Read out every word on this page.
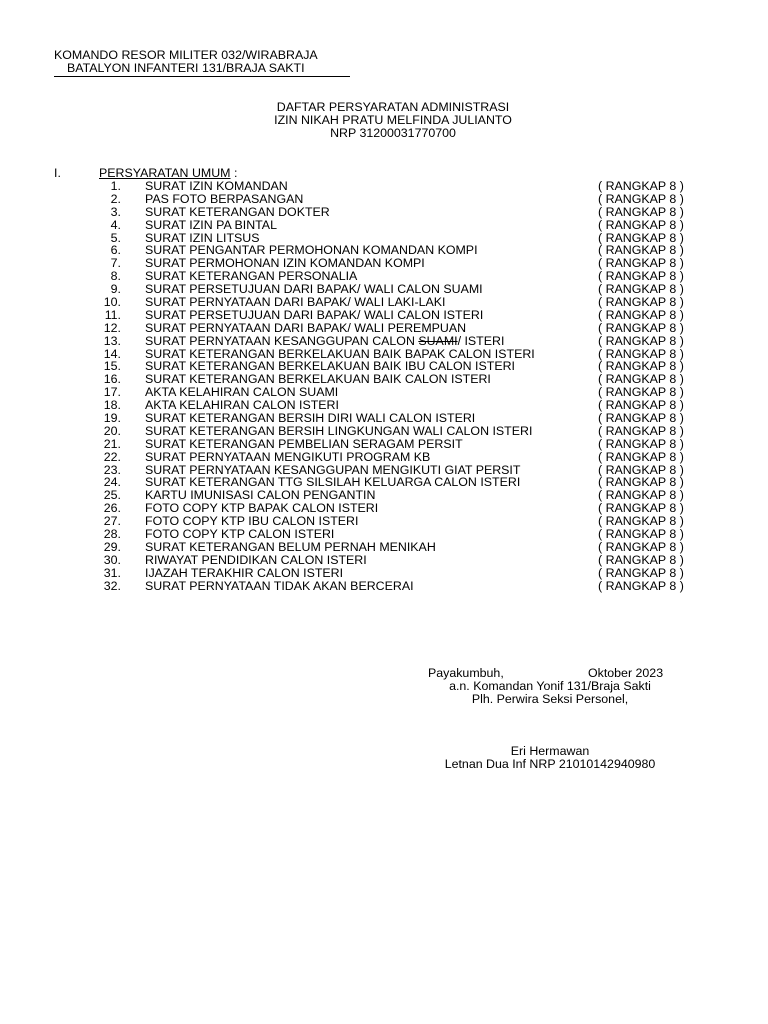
KOMANDO RESOR MILITER 032/WIRABRAJA
BATALYON INFANTERI 131/BRAJA SAKTI
DAFTAR PERSYARATAN ADMINISTRASI
IZIN NIKAH PRATU MELFINDA JULIANTO
NRP 31200031770700
I.	PERSYARATAN UMUM :
1. SURAT IZIN KOMANDAN	( RANGKAP 8 )
2. PAS FOTO BERPASANGAN	( RANGKAP 8 )
3. SURAT KETERANGAN DOKTER	( RANGKAP 8 )
4. SURAT IZIN PA BINTAL	( RANGKAP 8 )
5. SURAT IZIN LITSUS	( RANGKAP 8 )
6. SURAT PENGANTAR PERMOHONAN KOMANDAN KOMPI	( RANGKAP 8 )
7. SURAT PERMOHONAN IZIN KOMANDAN KOMPI	( RANGKAP 8 )
8. SURAT KETERANGAN PERSONALIA	( RANGKAP 8 )
9. SURAT PERSETUJUAN DARI BAPAK/ WALI CALON SUAMI	( RANGKAP 8 )
10. SURAT PERNYATAAN DARI BAPAK/ WALI LAKI-LAKI	( RANGKAP 8 )
11. SURAT PERSETUJUAN DARI BAPAK/ WALI CALON ISTERI	( RANGKAP 8 )
12. SURAT PERNYATAAN DARI BAPAK/ WALI PEREMPUAN	( RANGKAP 8 )
13. SURAT PERNYATAAN KESANGGUPAN CALON SUAMI/ ISTERI	( RANGKAP 8 )
14. SURAT KETERANGAN BERKELAKUAN BAIK BAPAK CALON ISTERI	( RANGKAP 8 )
15. SURAT KETERANGAN BERKELAKUAN BAIK IBU CALON ISTERI	( RANGKAP 8 )
16. SURAT KETERANGAN BERKELAKUAN BAIK CALON ISTERI	( RANGKAP 8 )
17. AKTA KELAHIRAN CALON SUAMI	( RANGKAP 8 )
18. AKTA KELAHIRAN CALON ISTERI	( RANGKAP 8 )
19. SURAT KETERANGAN BERSIH DIRI WALI CALON ISTERI	( RANGKAP 8 )
20. SURAT KETERANGAN BERSIH LINGKUNGAN WALI CALON ISTERI	( RANGKAP 8 )
21. SURAT KETERANGAN PEMBELIAN SERAGAM PERSIT	( RANGKAP 8 )
22. SURAT PERNYATAAN MENGIKUTI PROGRAM KB	( RANGKAP 8 )
23. SURAT PERNYATAAN KESANGGUPAN MENGIKUTI GIAT PERSIT	( RANGKAP 8 )
24. SURAT KETERANGAN TTG SILSILAH KELUARGA CALON ISTERI	( RANGKAP 8 )
25. KARTU IMUNISASI CALON PENGANTIN	( RANGKAP 8 )
26. FOTO COPY KTP BAPAK CALON ISTERI	( RANGKAP 8 )
27. FOTO COPY KTP IBU CALON ISTERI	( RANGKAP 8 )
28. FOTO COPY KTP CALON ISTERI	( RANGKAP 8 )
29. SURAT KETERANGAN BELUM PERNAH MENIKAH	( RANGKAP 8 )
30. RIWAYAT PENDIDIKAN CALON ISTERI	( RANGKAP 8 )
31. IJAZAH TERAKHIR CALON ISTERI	( RANGKAP 8 )
32. SURAT PERNYATAAN TIDAK AKAN BERCERAI	( RANGKAP 8 )
Payakumbuh,	Oktober 2023
a.n. Komandan Yonif 131/Braja Sakti
Plh. Perwira Seksi Personel,
Eri Hermawan
Letnan Dua Inf NRP 21010142940980
